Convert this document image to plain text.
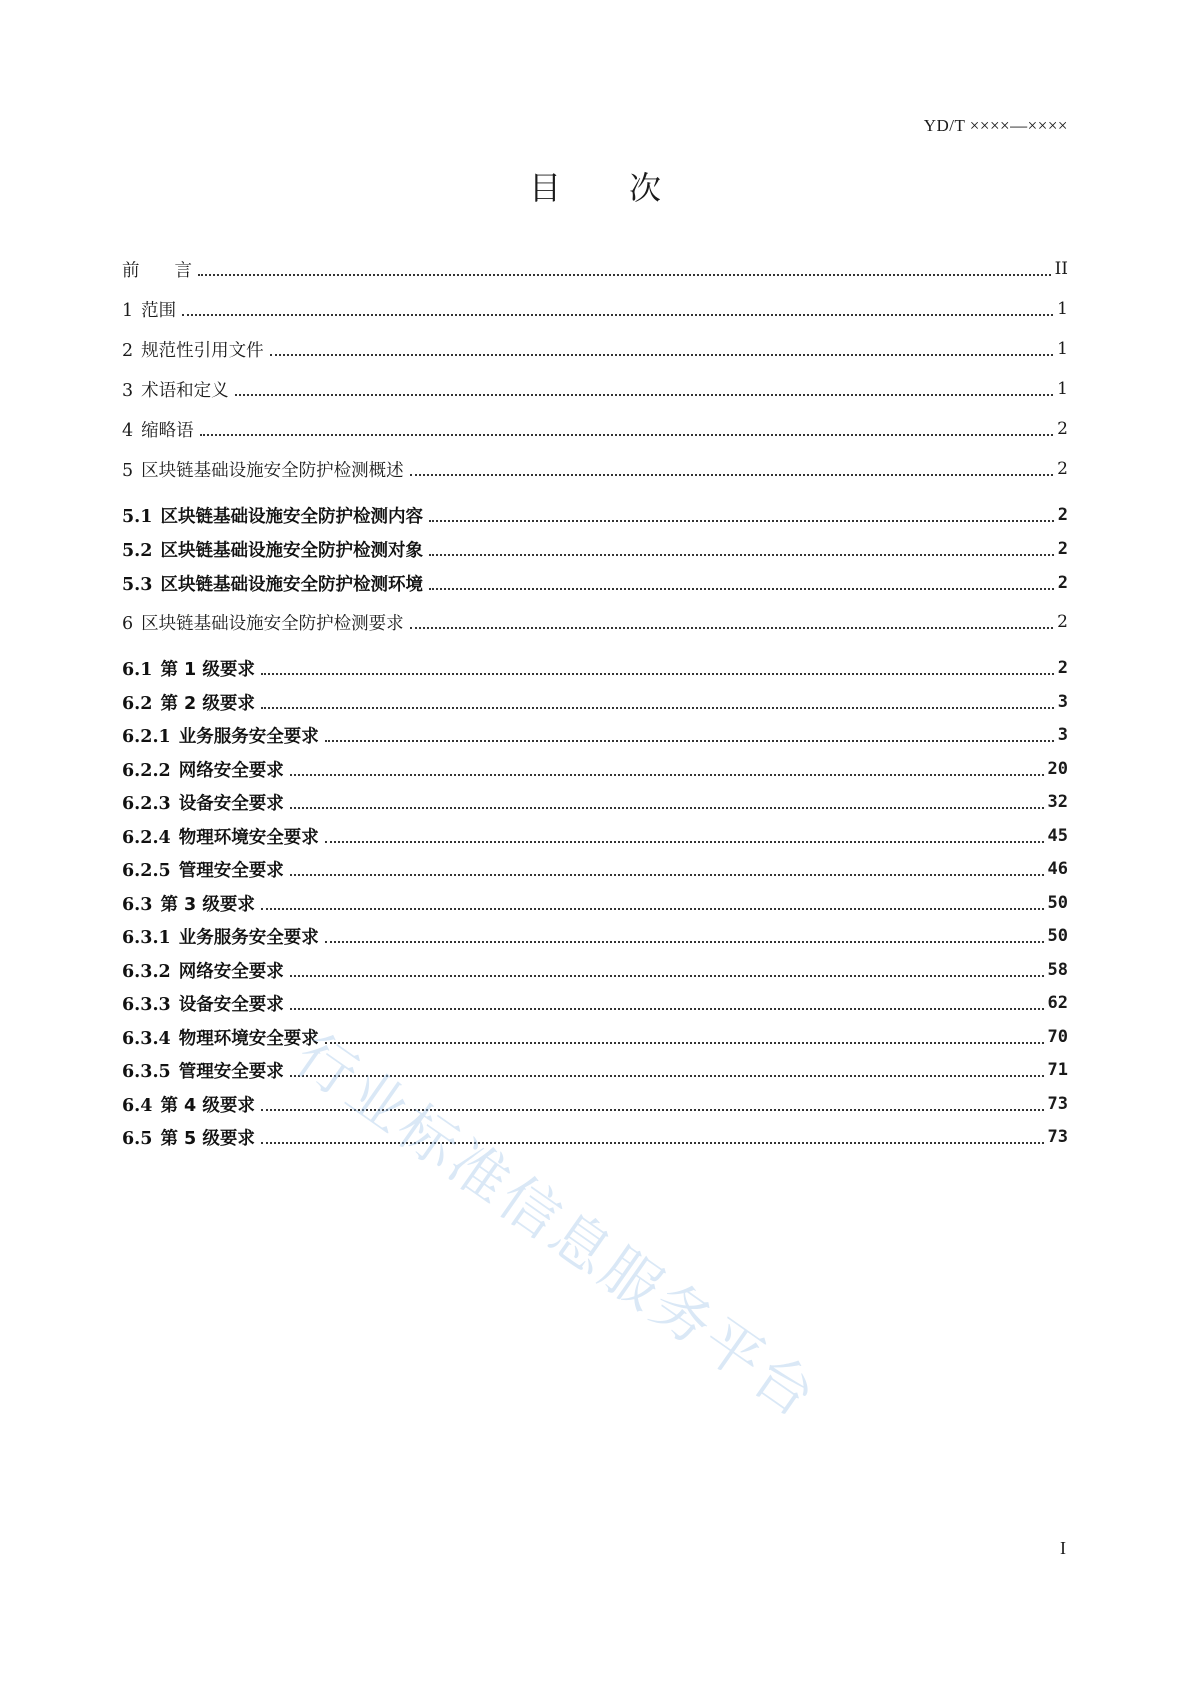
YD/T ××××—××××
目 次
前　　言	II
1 范围	1
2 规范性引用文件	1
3 术语和定义	1
4 缩略语	2
5 区块链基础设施安全防护检测概述	2
5.1 区块链基础设施安全防护检测内容	2
5.2 区块链基础设施安全防护检测对象	2
5.3 区块链基础设施安全防护检测环境	2
6 区块链基础设施安全防护检测要求	2
6.1 第 1 级要求	2
6.2 第 2 级要求	3
6.2.1 业务服务安全要求	3
6.2.2 网络安全要求	20
6.2.3 设备安全要求	32
6.2.4 物理环境安全要求	45
6.2.5 管理安全要求	46
6.3 第 3 级要求	50
6.3.1 业务服务安全要求	50
6.3.2 网络安全要求	58
6.3.3 设备安全要求	62
6.3.4 物理环境安全要求	70
6.3.5 管理安全要求	71
6.4 第 4 级要求	73
6.5 第 5 级要求	73
行业标准信息服务平台
I
